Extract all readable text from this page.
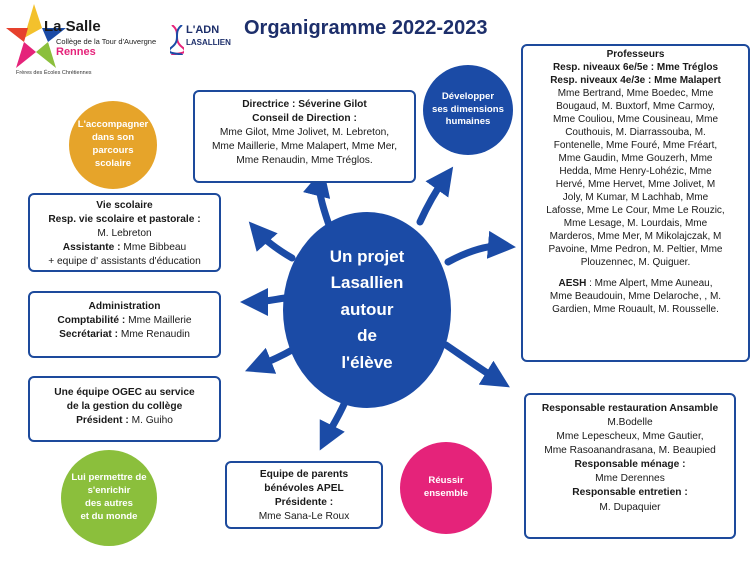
La Salle
Collège de la Tour d'Auvergne
Rennes
Frères des Écoles Chrétiennes
L'ADN
LASALLIEN
Organigramme 2022-2023
Un projet
Lasallien
autour
de
l'élève
L'accompagner
dans son
parcours
scolaire
Développer
ses dimensions
humaines
Réussir
ensemble
Lui permettre de
s'enrichir
des autres
et du monde
Directrice : Séverine Gilot
Conseil de Direction :
Mme Gilot, Mme Jolivet, M. Lebreton,
Mme Maillerie, Mme Malapert, Mme Mer,
Mme Renaudin, Mme Tréglos.
Vie scolaire
Resp. vie scolaire et pastorale :
M. Lebreton
Assistante : Mme Bibbeau
+ equipe d' assistants d'éducation
Administration
Comptabilité : Mme Maillerie
Secrétariat : Mme Renaudin
Une équipe OGEC au service
de la gestion du collège
Président : M. Guiho
Equipe de parents
bénévoles APEL
Présidente :
Mme Sana-Le Roux
Professeurs
Resp. niveaux 6e/5e : Mme Tréglos
Resp. niveaux 4e/3e : Mme Malapert
Mme Bertrand, Mme Boedec, Mme
Bougaud, M. Buxtorf, Mme Carmoy,
Mme Couliou, Mme Cousineau, Mme
Couthouis, M. Diarrassouba, M.
Fontenelle, Mme Fouré, Mme Fréart,
Mme Gaudin, Mme Gouzerh, Mme
Hedda, Mme Henry-Lohézic, Mme
Hervé, Mme Hervet, Mme Jolivet, M
Joly, M Kumar, M Lachhab, Mme
Lafosse, Mme Le Cour, Mme Le Rouzic,
Mme Lesage, M. Lourdais, Mme
Marderos, Mme Mer, M Mikolajczak, M
Pavoine, Mme Pedron, M. Peltier, Mme
Plouzennec, M. Quiguer.
AESH : Mme Alpert, Mme Auneau,
Mme Beaudouin, Mme Delaroche, , M.
Gardien, Mme Rouault, M. Rousselle.
Responsable restauration Ansamble
M.Bodelle
Mme Lepescheux, Mme Gautier,
Mme Rasoanandrasana, M. Beaupied
Responsable ménage :
Mme Derennes
Responsable entretien :
M. Dupaquier
